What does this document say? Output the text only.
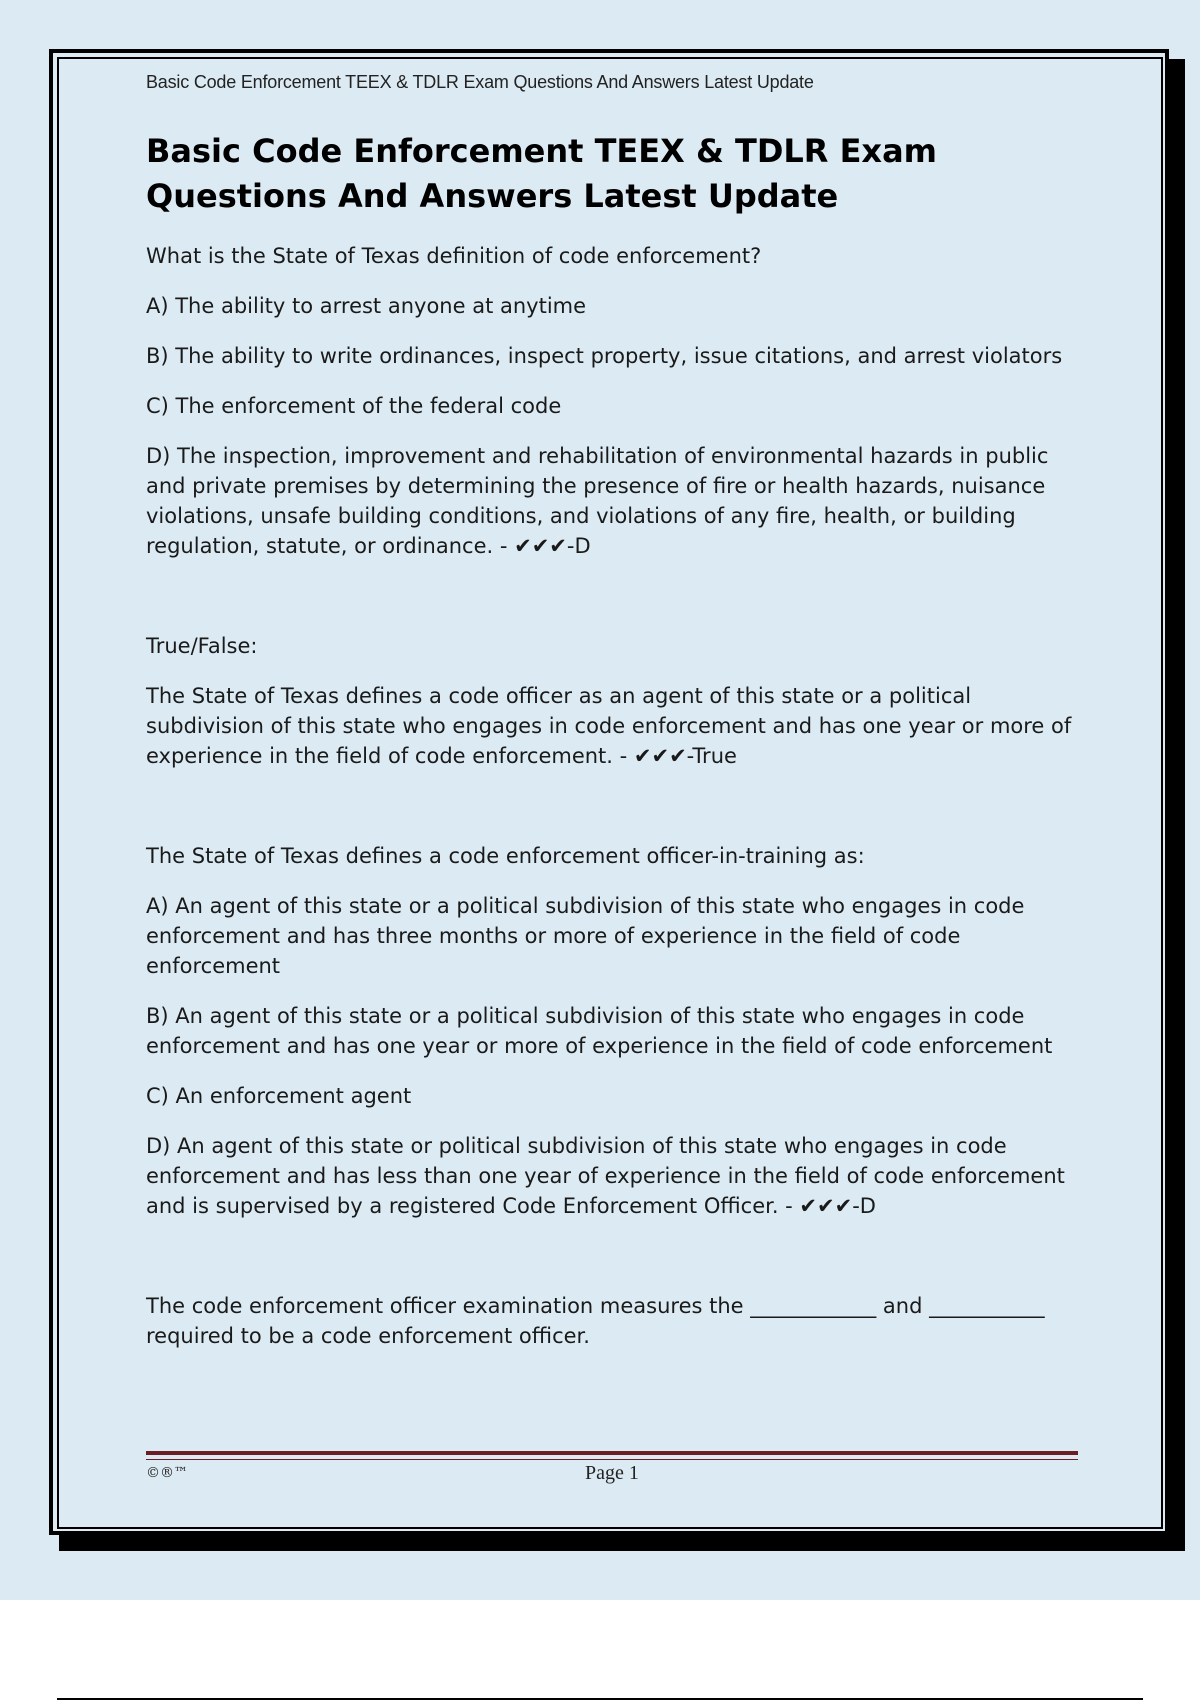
Basic Code Enforcement TEEX & TDLR Exam Questions And Answers Latest Update
Basic Code Enforcement TEEX & TDLR Exam Questions And Answers Latest Update

What is the State of Texas definition of code enforcement?

A) The ability to arrest anyone at anytime

B) The ability to write ordinances, inspect property, issue citations, and arrest violators

C) The enforcement of the federal code

D) The inspection, improvement and rehabilitation of environmental hazards in public and private premises by determining the presence of fire or health hazards, nuisance violations, unsafe building conditions, and violations of any fire, health, or building regulation, statute, or ordinance. - ✔✔✔-D

True/False:

The State of Texas defines a code officer as an agent of this state or a political subdivision of this state who engages in code enforcement and has one year or more of experience in the field of code enforcement. - ✔✔✔-True

The State of Texas defines a code enforcement officer-in-training as:

A) An agent of this state or a political subdivision of this state who engages in code enforcement and has three months or more of experience in the field of code enforcement

B) An agent of this state or a political subdivision of this state who engages in code enforcement and has one year or more of experience in the field of code enforcement

C) An enforcement agent

D) An agent of this state or political subdivision of this state who engages in code enforcement and has less than one year of experience in the field of code enforcement and is supervised by a registered Code Enforcement Officer. - ✔✔✔-D

The code enforcement officer examination measures the ____________ and ___________ required to be a code enforcement officer.

©®™	Page 1
